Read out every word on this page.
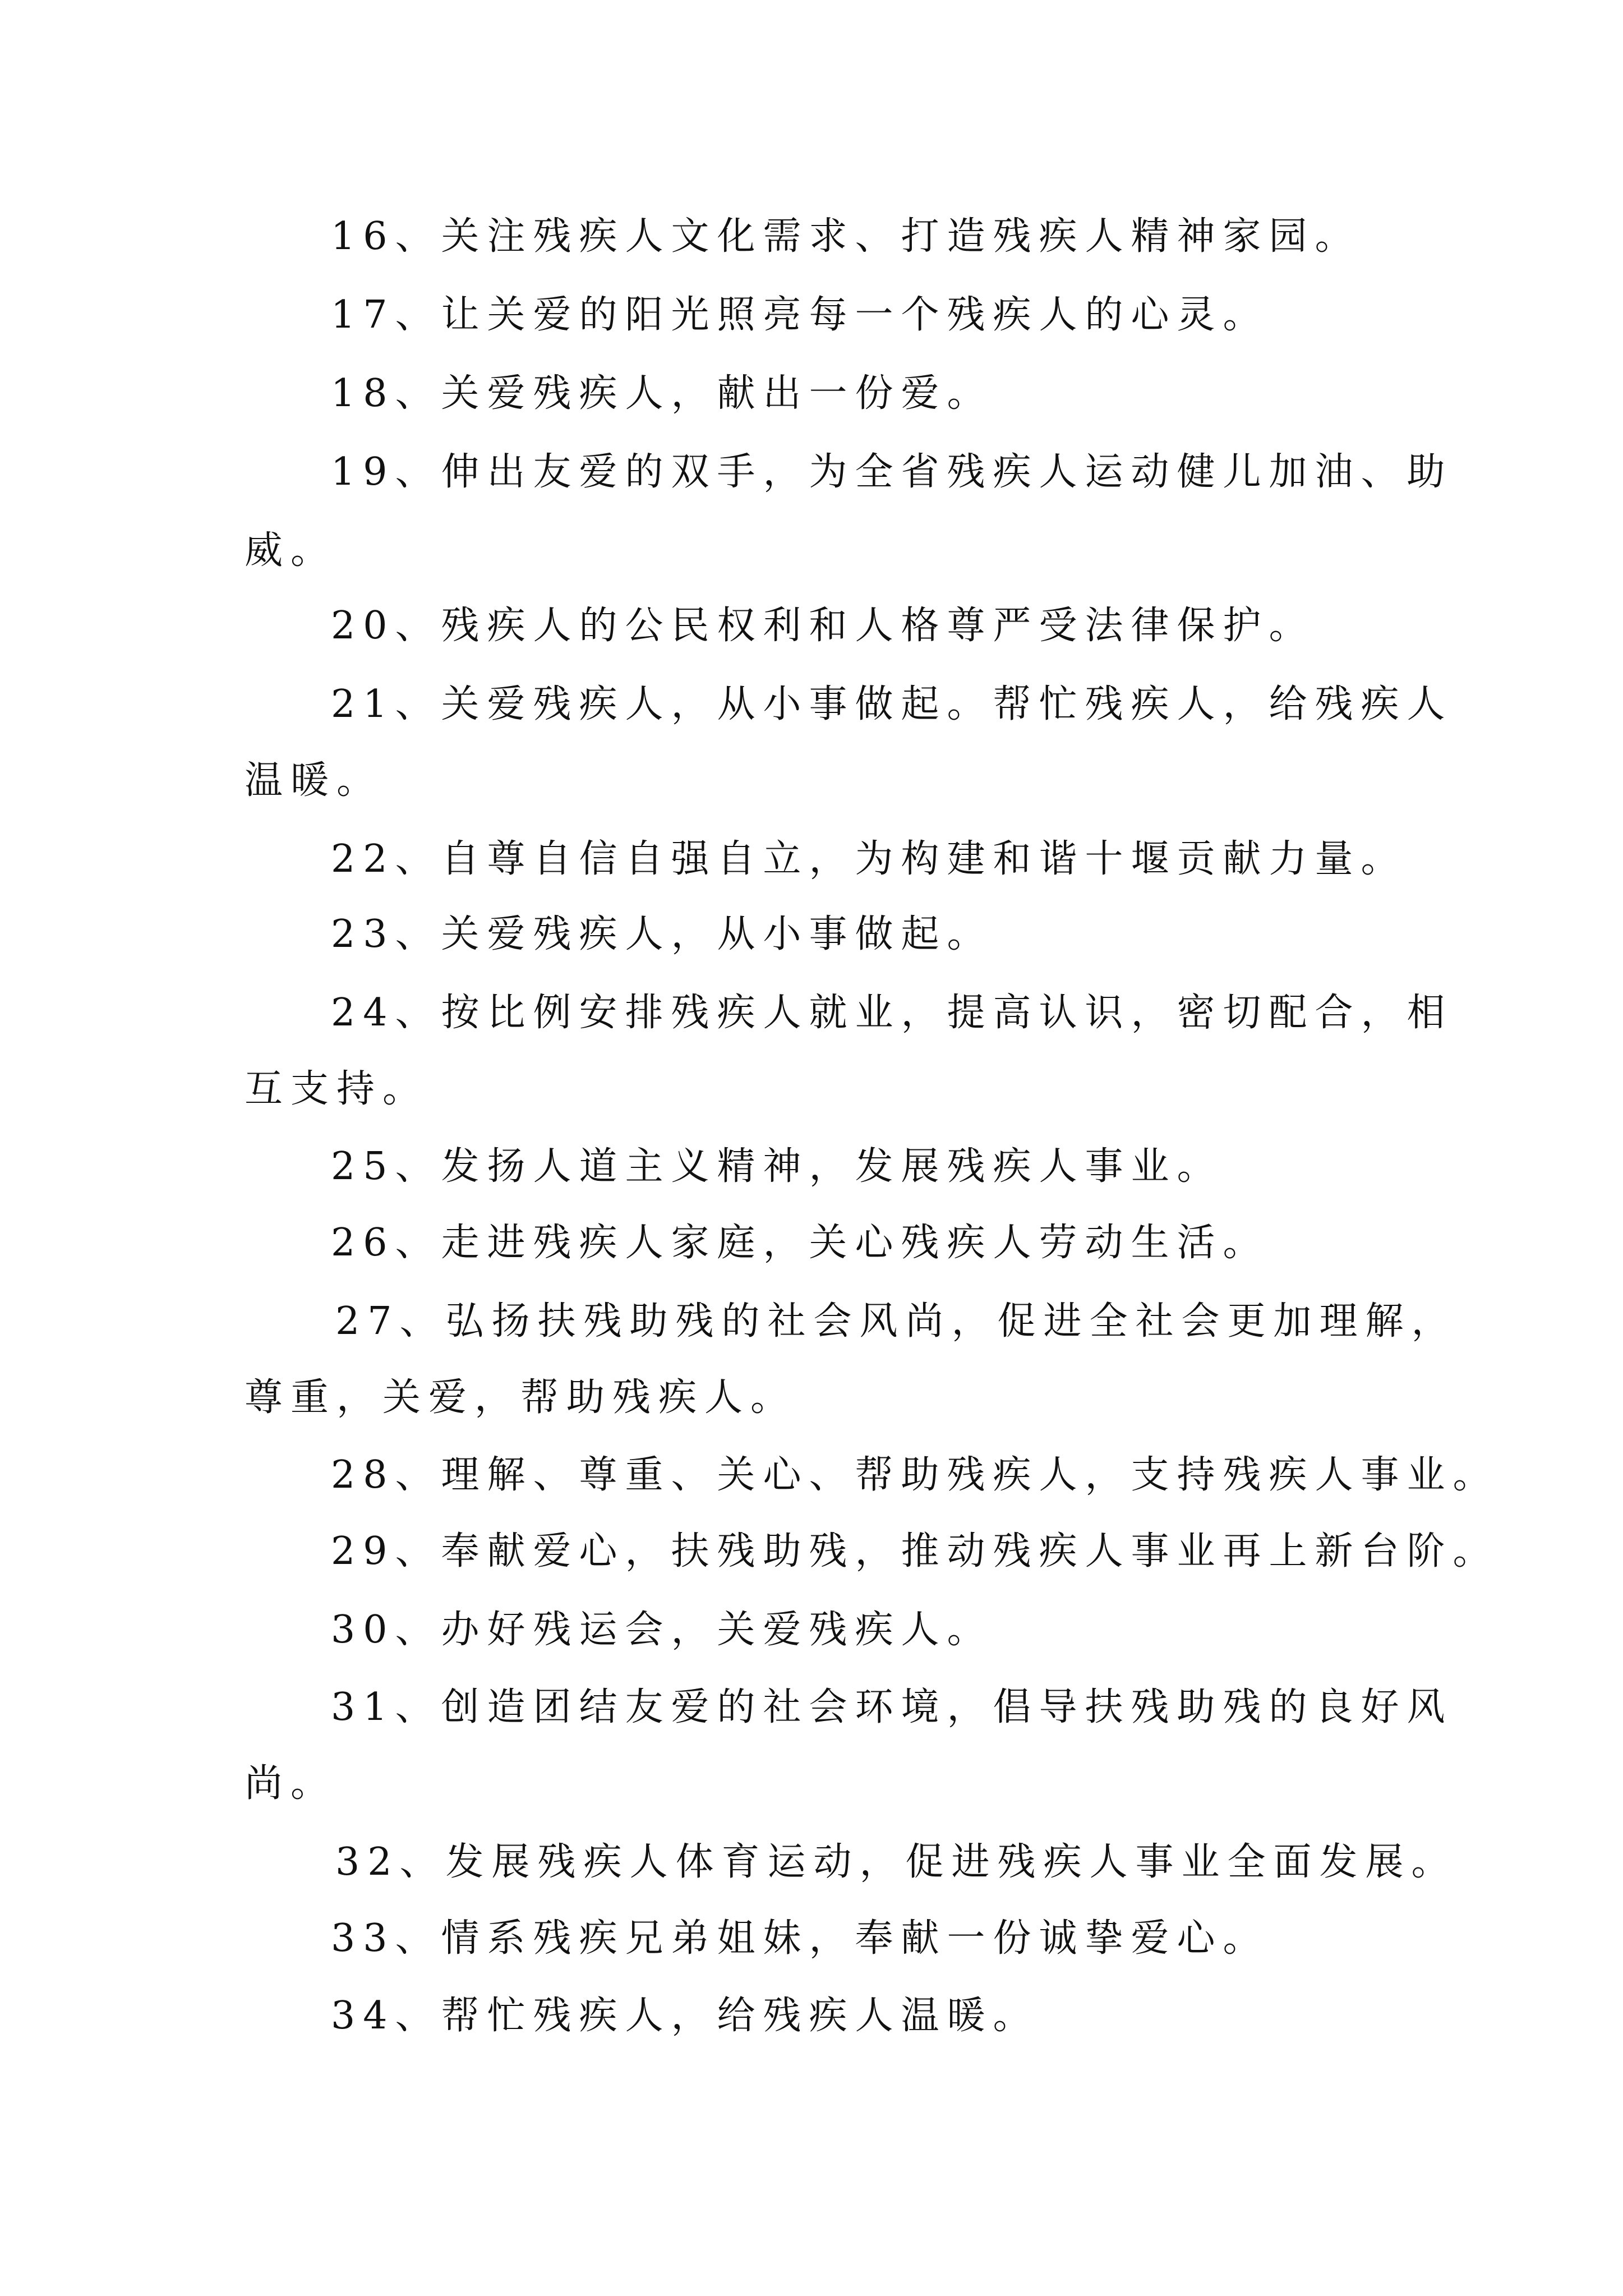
16、关注残疾人文化需求、打造残疾人精神家园。
17、让关爱的阳光照亮每一个残疾人的心灵。
18、关爱残疾人，献出一份爱。
19、伸出友爱的双手，为全省残疾人运动健儿加油、助
威。
20、残疾人的公民权利和人格尊严受法律保护。
21、关爱残疾人，从小事做起。帮忙残疾人，给残疾人
温暖。
22、自尊自信自强自立，为构建和谐十堰贡献力量。
23、关爱残疾人，从小事做起。
24、按比例安排残疾人就业，提高认识，密切配合，相
互支持。
25、发扬人道主义精神，发展残疾人事业。
26、走进残疾人家庭，关心残疾人劳动生活。
27、弘扬扶残助残的社会风尚，促进全社会更加理解，
尊重，关爱，帮助残疾人。
28、理解、尊重、关心、帮助残疾人，支持残疾人事业。
29、奉献爱心，扶残助残，推动残疾人事业再上新台阶。
30、办好残运会，关爱残疾人。
31、创造团结友爱的社会环境，倡导扶残助残的良好风
尚。
32、发展残疾人体育运动，促进残疾人事业全面发展。
33、情系残疾兄弟姐妹，奉献一份诚挚爱心。
34、帮忙残疾人，给残疾人温暖。
